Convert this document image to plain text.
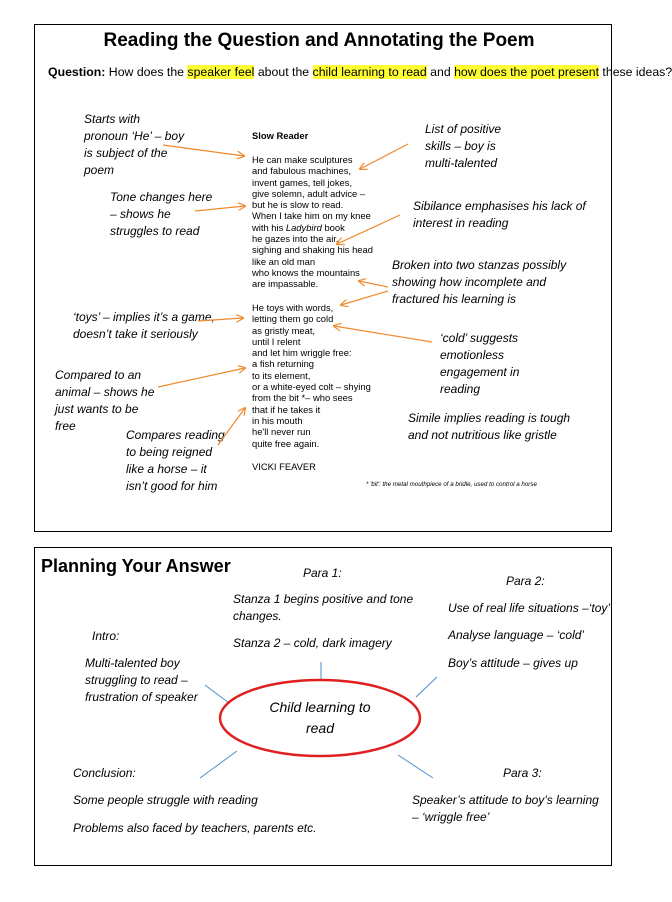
Reading the Question and Annotating the Poem
Question: How does the speaker feel about the child learning to read and how does the poet present these ideas?
Slow Reader
He can make sculptures
and fabulous machines,
invent games, tell jokes,
give solemn, adult advice –
but he is slow to read.
When I take him on my knee
with his Ladybird book
he gazes into the air,
sighing and shaking his head
like an old man
who knows the mountains
are impassable.
He toys with words,
letting them go cold
as gristly meat,
until I relent
and let him wriggle free:
a fish returning
to its element,
or a white-eyed colt – shying
from the bit *– who sees
that if he takes it
in his mouth
he'll never run
quite free again.
VICKI FEAVER
* 'bit': the metal mouthpiece of a bridle, used to control a horse
Starts with
pronoun ‘He’ – boy
is subject of the
poem
Tone changes here
– shows he
struggles to read
‘toys’ – implies it’s a game,
doesn’t take it seriously
Compared to an
animal – shows he
just wants to be
free
Compares reading
to being reigned
like a horse – it
isn’t good for him
List of positive
skills – boy is
multi-talented
Sibilance emphasises his lack of
interest in reading
Broken into two stanzas possibly
showing how incomplete and
fractured his learning is
‘cold’ suggests
emotionless
engagement in
reading
Simile implies reading is tough
and not nutritious like gristle
Planning Your Answer
Child learning to
read
Para 1:
Stanza 1 begins positive and tone
changes.
Stanza 2 – cold, dark imagery
Para 2:
Use of real life situations –‘toy’
Analyse language – ‘cold’
Boy’s attitude – gives up
Intro:
Multi-talented boy
struggling to read –
frustration of speaker
Conclusion:
Some people struggle with reading
Problems also faced by teachers, parents etc.
Para 3:
Speaker’s attitude to boy’s learning
– ‘wriggle free’
